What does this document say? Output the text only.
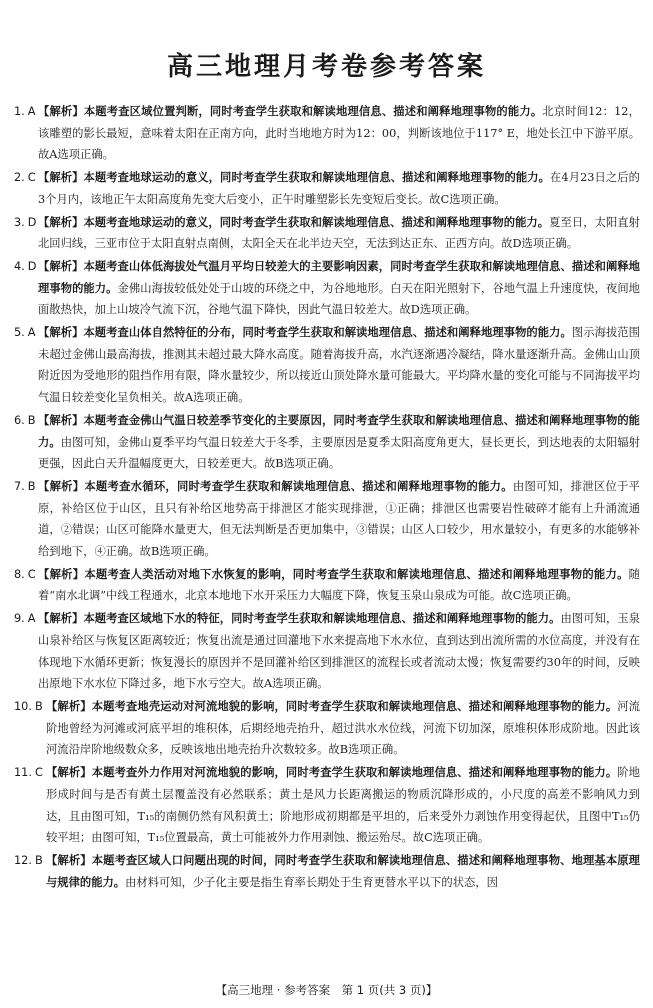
高三地理月考卷参考答案
1. A 【解析】本题考查区域位置判断，同时考查学生获取和解读地理信息、描述和阐释地理事物的能力。北京时间12：12，该雕塑的影长最短，意味着太阳在正南方向，此时当地地方时为12：00，判断该地位于117° E，地处长江中下游平原。故A选项正确。
2. C 【解析】本题考查地球运动的意义，同时考查学生获取和解读地理信息、描述和阐释地理事物的能力。在4月23日之后的3个月内，该地正午太阳高度角先变大后变小，正午时雕塑影长先变短后变长。故C选项正确。
3. D 【解析】本题考查地球运动的意义，同时考查学生获取和解读地理信息、描述和阐释地理事物的能力。夏至日，太阳直射北回归线，三亚市位于太阳直射点南侧，太阳全天在北半边天空，无法到达正东、正西方向。故D选项正确。
4. D 【解析】本题考查山体低海拔处气温月平均日较差大的主要影响因素，同时考查学生获取和解读地理信息、描述和阐释地理事物的能力。金佛山海拔较低处处于山坡的环绕之中，为谷地地形。白天在阳光照射下，谷地气温上升速度快，夜间地面散热快，加上山坡冷气流下沉，谷地气温下降快，因此气温日较差大。故D选项正确。
5. A 【解析】本题考查山体自然特征的分布，同时考查学生获取和解读地理信息、描述和阐释地理事物的能力。图示海拔范围未超过金佛山最高海拔，推测其未超过最大降水高度。随着海拔升高，水汽逐渐遇冷凝结，降水量逐渐升高。金佛山山顶附近因为受地形的阻挡作用有限，降水量较少，所以接近山顶处降水量可能最大。平均降水量的变化可能与不同海拔平均气温日较差变化呈负相关。故A选项正确。
6. B 【解析】本题考查金佛山气温日较差季节变化的主要原因，同时考查学生获取和解读地理信息、描述和阐释地理事物的能力。由图可知，金佛山夏季平均气温日较差大于冬季，主要原因是夏季太阳高度角更大，昼长更长，到达地表的太阳辐射更强，因此白天升温幅度更大，日较差更大。故B选项正确。
7. B 【解析】本题考查水循环，同时考查学生获取和解读地理信息、描述和阐释地理事物的能力。由图可知，排泄区位于平原，补给区位于山区，且只有补给区地势高于排泄区才能实现排泄，①正确；排泄区也需要岩性破碎才能有上升涌流通道，②错误；山区可能降水量更大，但无法判断是否更加集中，③错误；山区人口较少，用水量较小，有更多的水能够补给到地下，④正确。故B选项正确。
8. C 【解析】本题考查人类活动对地下水恢复的影响，同时考查学生获取和解读地理信息、描述和阐释地理事物的能力。随着“南水北调”中线工程通水，北京本地地下水开采压力大幅度下降，恢复玉泉山泉成为可能。故C选项正确。
9. A 【解析】本题考查区域地下水的特征，同时考查学生获取和解读地理信息、描述和阐释地理事物的能力。由图可知，玉泉山泉补给区与恢复区距离较近；恢复出流是通过回灌地下水来提高地下水水位，直到达到出流所需的水位高度，并没有在体现地下水循环更新；恢复漫长的原因并不是回灌补给区到排泄区的流程长或者流动太慢；恢复需要约30年的时间，反映出原地下水水位下降过多，地下水亏空大。故A选项正确。
10. B 【解析】本题考查地壳运动对河流地貌的影响，同时考查学生获取和解读地理信息、描述和阐释地理事物的能力。河流阶地曾经为河滩或河底平坦的堆积体，后期经地壳抬升，超过洪水水位线，河流下切加深，原堆积体形成阶地。因此该河流沿岸阶地级数众多，反映该地出地壳抬升次数较多。故B选项正确。
11. C 【解析】本题考查外力作用对河流地貌的影响，同时考查学生获取和解读地理信息、描述和阐释地理事物的能力。阶地形成时间与是否有黄土层覆盖没有必然联系；黄土是风力长距离搬运的物质沉降形成的，小尺度的高差不影响风力到达，且由图可知，T₁₅的南侧仍然有风积黄土；阶地形成初期都是平坦的，后来受外力剥蚀作用变得起伏，且图中T₁₅仍较平坦；由图可知，T₁₅位置最高，黄土可能被外力作用剥蚀、搬运殆尽。故C选项正确。
12. B 【解析】本题考查区域人口问题出现的时间，同时考查学生获取和解读地理信息、描述和阐释地理事物、地理基本原理与规律的能力。由材料可知，少子化主要是指生育率长期处于生育更替水平以下的状态，因
【高三地理 · 参考答案　第 1 页(共 3 页)】
